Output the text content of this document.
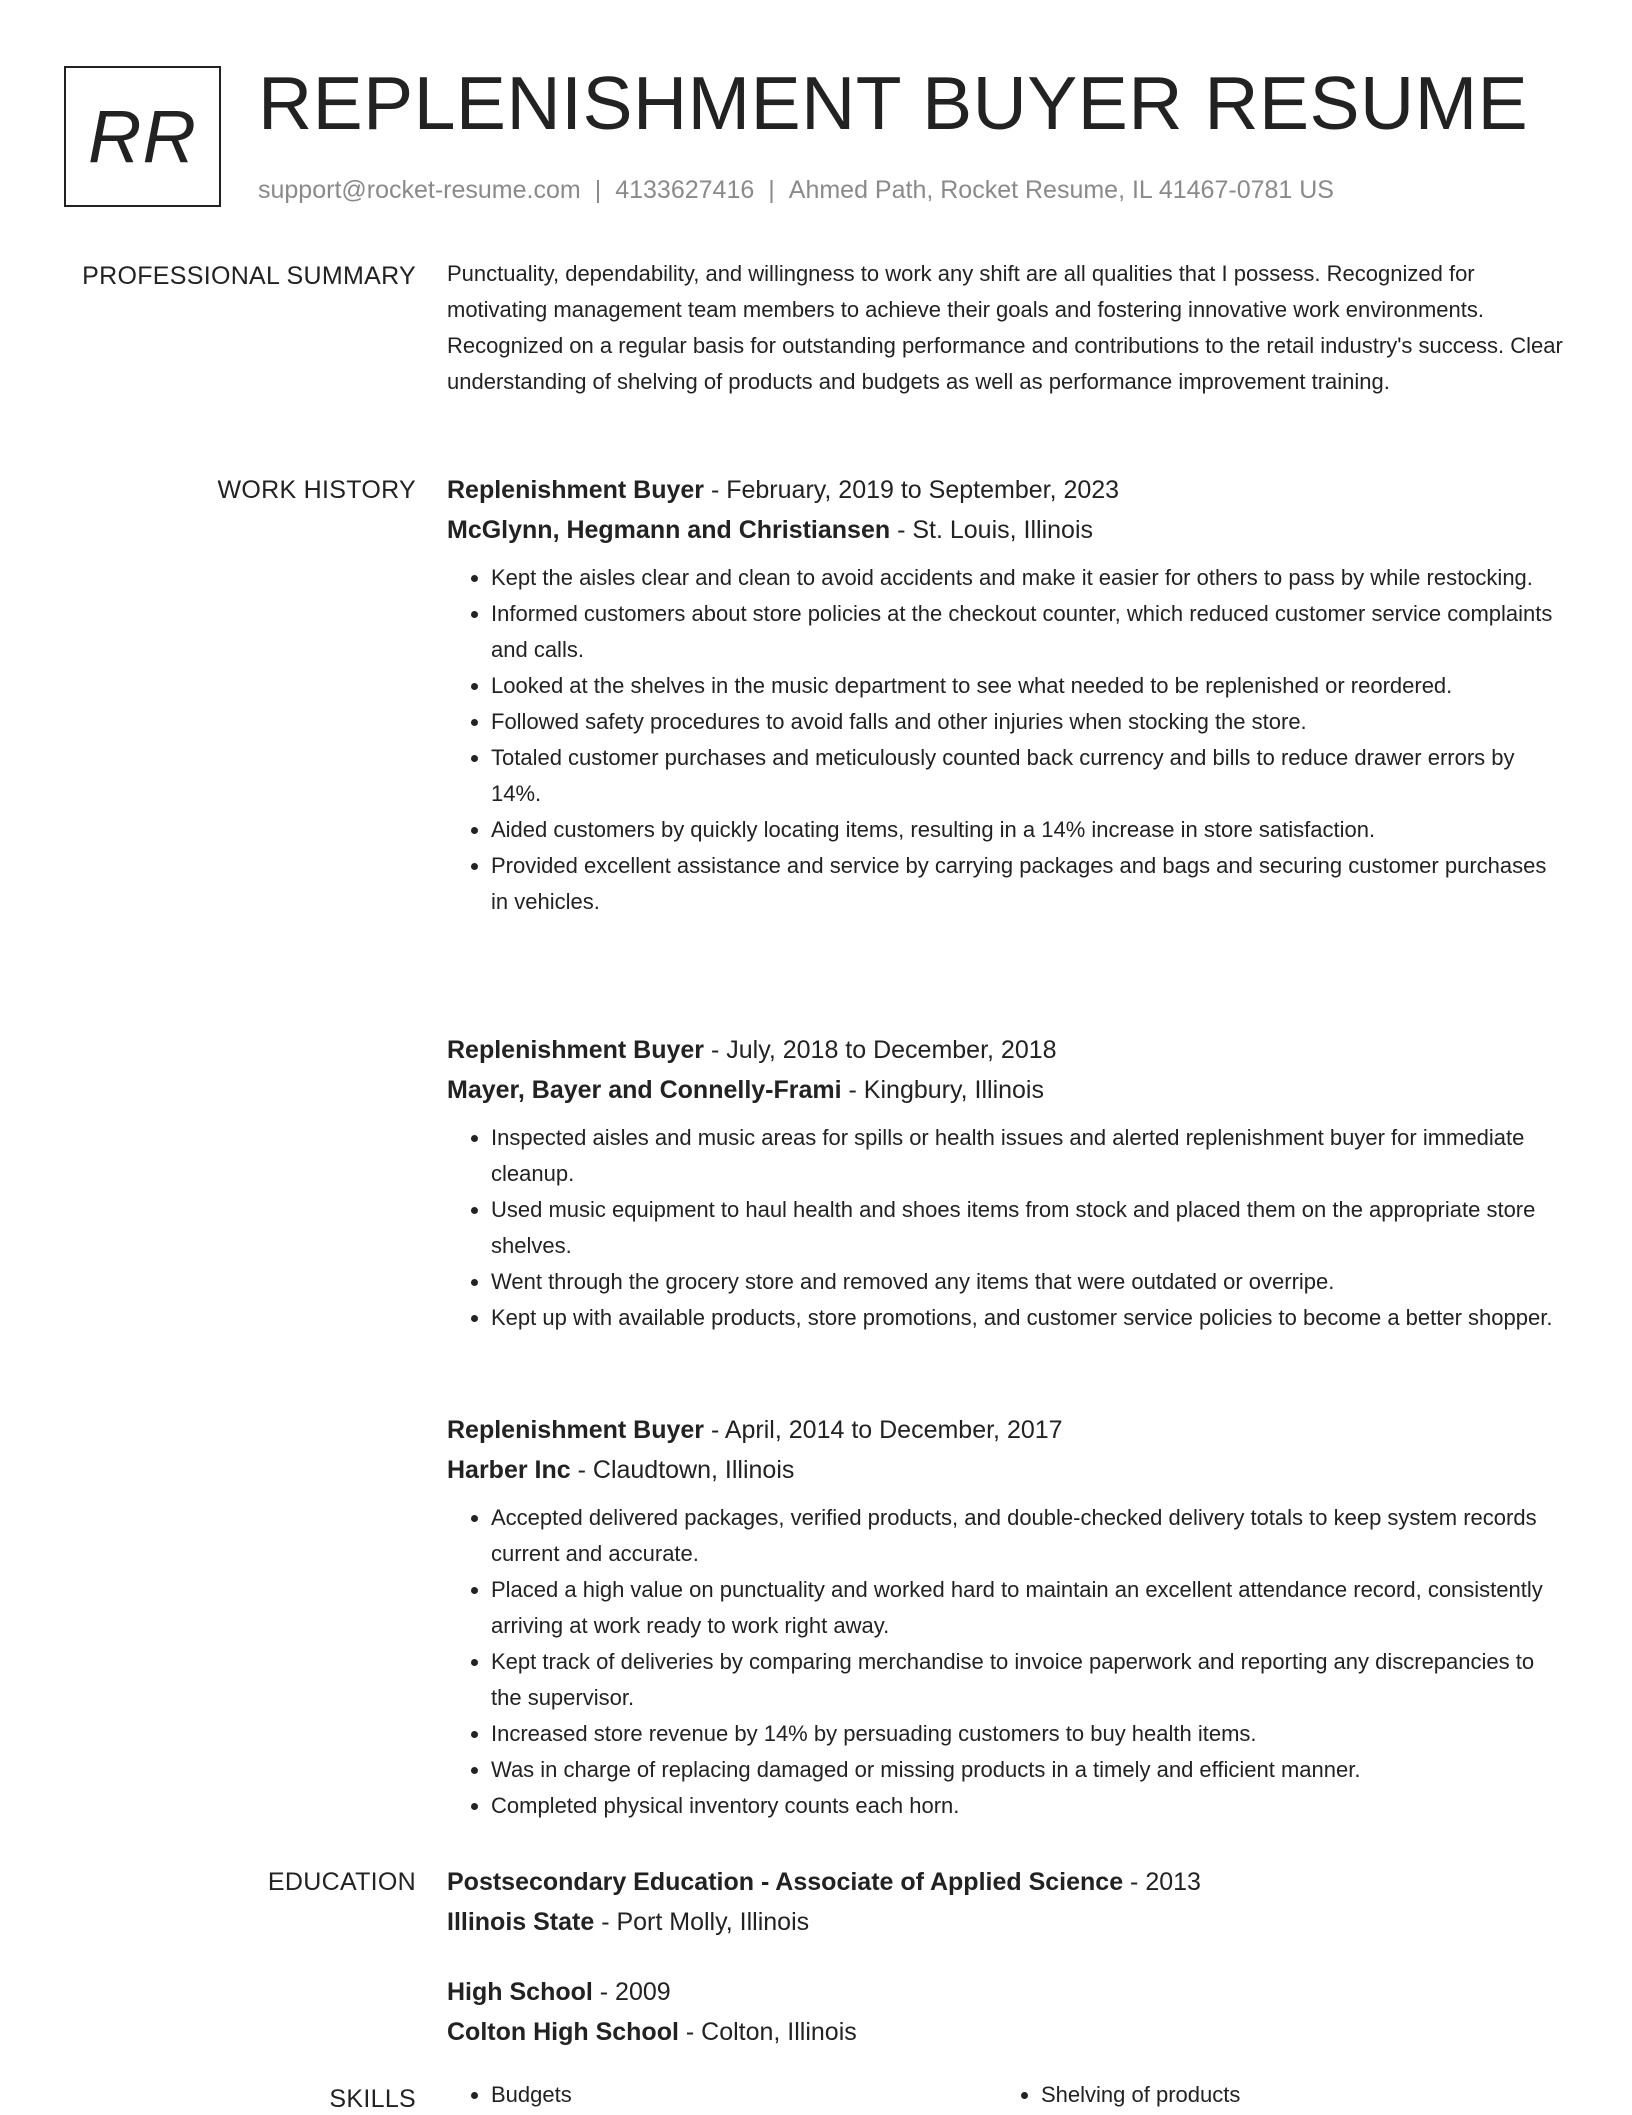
RR REPLENISHMENT BUYER RESUME
support@rocket-resume.com | 4133627416 | Ahmed Path, Rocket Resume, IL 41467-0781 US
PROFESSIONAL SUMMARY Punctuality, dependability, and willingness to work any shift are all qualities that I possess. Recognized for motivating management team members to achieve their goals and fostering innovative work environments. Recognized on a regular basis for outstanding performance and contributions to the retail industry's success. Clear understanding of shelving of products and budgets as well as performance improvement training.

WORK HISTORY Replenishment Buyer - February, 2019 to September, 2023
McGlynn, Hegmann and Christiansen - St. Louis, Illinois
• Kept the aisles clear and clean to avoid accidents and make it easier for others to pass by while restocking.
• Informed customers about store policies at the checkout counter, which reduced customer service complaints and calls.
• Looked at the shelves in the music department to see what needed to be replenished or reordered.
• Followed safety procedures to avoid falls and other injuries when stocking the store.
• Totaled customer purchases and meticulously counted back currency and bills to reduce drawer errors by 14%.
• Aided customers by quickly locating items, resulting in a 14% increase in store satisfaction.
• Provided excellent assistance and service by carrying packages and bags and securing customer purchases in vehicles.
Replenishment Buyer - July, 2018 to December, 2018
Mayer, Bayer and Connelly-Frami - Kingbury, Illinois
• Inspected aisles and music areas for spills or health issues and alerted replenishment buyer for immediate cleanup.
• Used music equipment to haul health and shoes items from stock and placed them on the appropriate store shelves.
• Went through the grocery store and removed any items that were outdated or overripe.
• Kept up with available products, store promotions, and customer service policies to become a better shopper.
Replenishment Buyer - April, 2014 to December, 2017
Harber Inc - Claudtown, Illinois
• Accepted delivered packages, verified products, and double-checked delivery totals to keep system records current and accurate.
• Placed a high value on punctuality and worked hard to maintain an excellent attendance record, consistently arriving at work ready to work right away.
• Kept track of deliveries by comparing merchandise to invoice paperwork and reporting any discrepancies to the supervisor.
• Increased store revenue by 14% by persuading customers to buy health items.
• Was in charge of replacing damaged or missing products in a timely and efficient manner.
• Completed physical inventory counts each horn.
EDUCATION Postsecondary Education - Associate of Applied Science - 2013
Illinois State - Port Molly, Illinois
High School - 2009
Colton High School - Colton, Illinois
SKILLS	• Budgets	• Shelving of products
